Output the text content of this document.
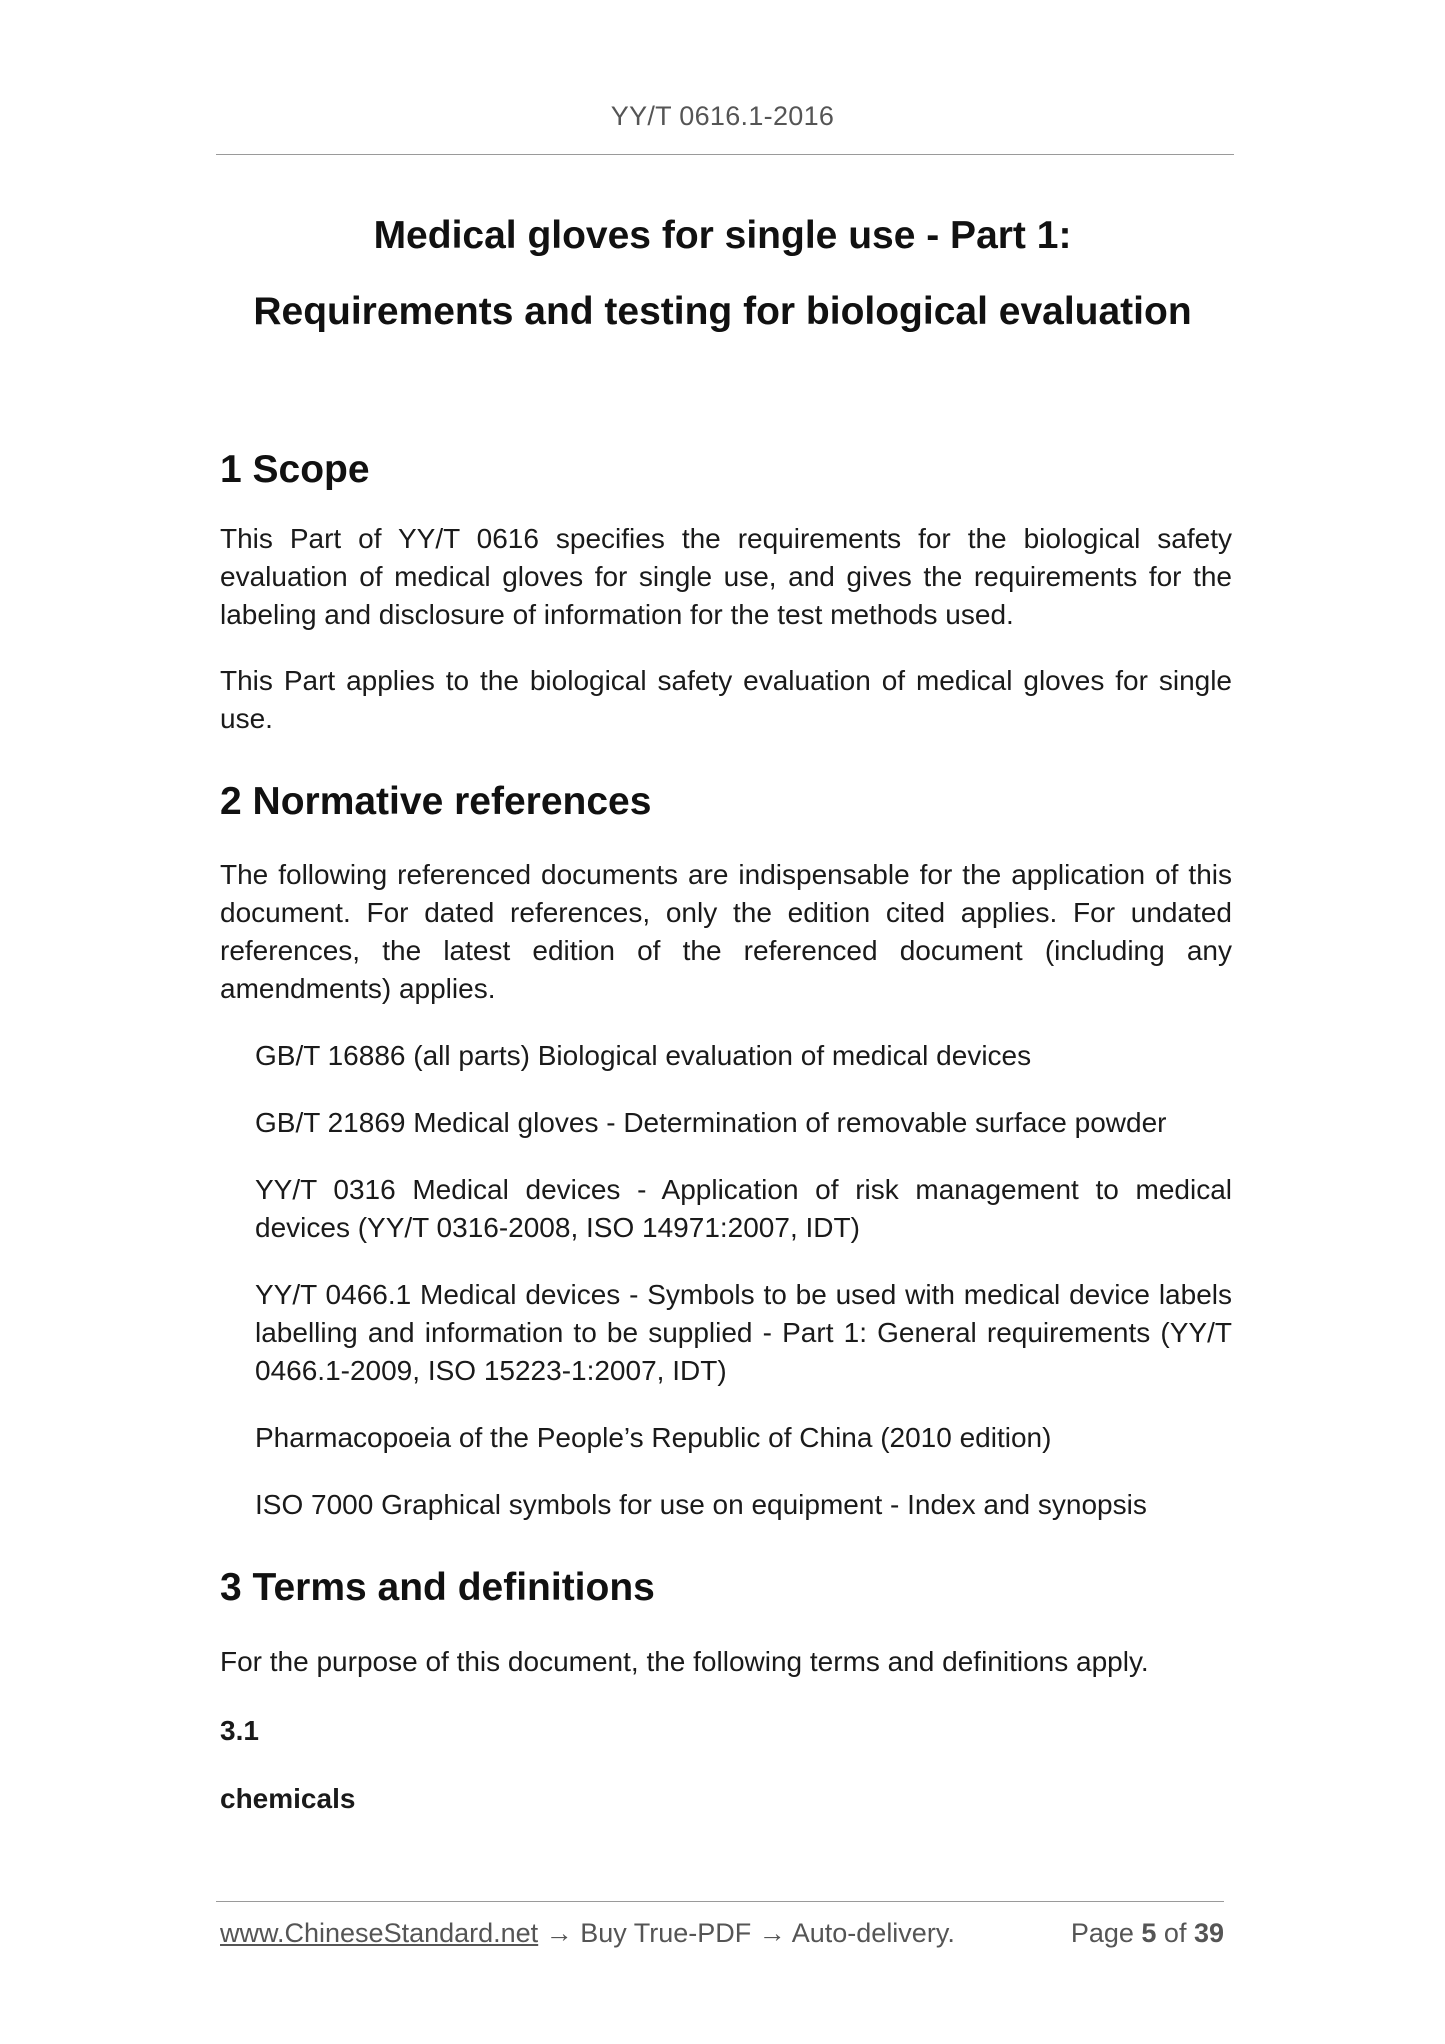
YY/T 0616.1-2016
Medical gloves for single use - Part 1:
Requirements and testing for biological evaluation
1 Scope

This Part of YY/T 0616 specifies the requirements for the biological safety evaluation of medical gloves for single use, and gives the requirements for the labeling and disclosure of information for the test methods used.

This Part applies to the biological safety evaluation of medical gloves for single use.

2 Normative references

The following referenced documents are indispensable for the application of this document. For dated references, only the edition cited applies. For undated references, the latest edition of the referenced document (including any amendments) applies.

GB/T 16886 (all parts) Biological evaluation of medical devices
GB/T 21869 Medical gloves - Determination of removable surface powder
YY/T 0316 Medical devices - Application of risk management to medical devices (YY/T 0316-2008, ISO 14971:2007, IDT)
YY/T 0466.1 Medical devices - Symbols to be used with medical device labels labelling and information to be supplied - Part 1: General requirements (YY/T 0466.1-2009, ISO 15223-1:2007, IDT)
Pharmacopoeia of the People’s Republic of China (2010 edition)
ISO 7000 Graphical symbols for use on equipment - Index and synopsis
3 Terms and definitions

For the purpose of this document, the following terms and definitions apply.

3.1
chemicals
www.ChineseStandard.net → Buy True-PDF → Auto-delivery.	Page 5 of 39
